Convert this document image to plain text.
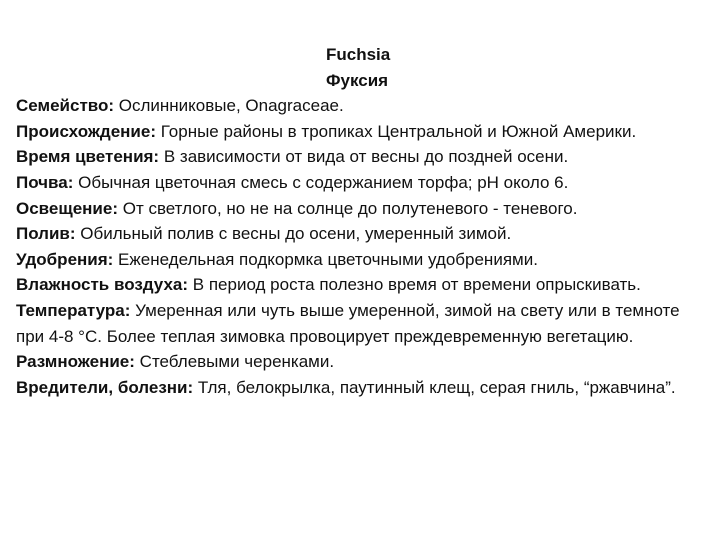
Fuchsia
Фуксия
Семейство: Ослинниковые, Onagraceae.
Происхождение: Горные районы в тропиках Центральной и Южной Америки.
Время цветения: В зависимости от вида от весны до поздней осени.
Почва: Обычная цветочная смесь с содержанием торфа; pH около 6.
Освещение: От светлого, но не на солнце до полутеневого - теневого.
Полив: Обильный полив с весны до осени, умеренный зимой.
Удобрения: Еженедельная подкормка цветочными удобрениями.
Влажность воздуха: В период роста полезно время от времени опрыскивать.
Температура: Умеренная или чуть выше умеренной, зимой на свету или в темноте при 4-8 °С. Более теплая зимовка провоцирует преждевременную вегетацию.
Размножение: Стеблевыми черенками.
Вредители, болезни: Тля, белокрылка, паутинный клещ, серая гниль, “ржавчина”.
